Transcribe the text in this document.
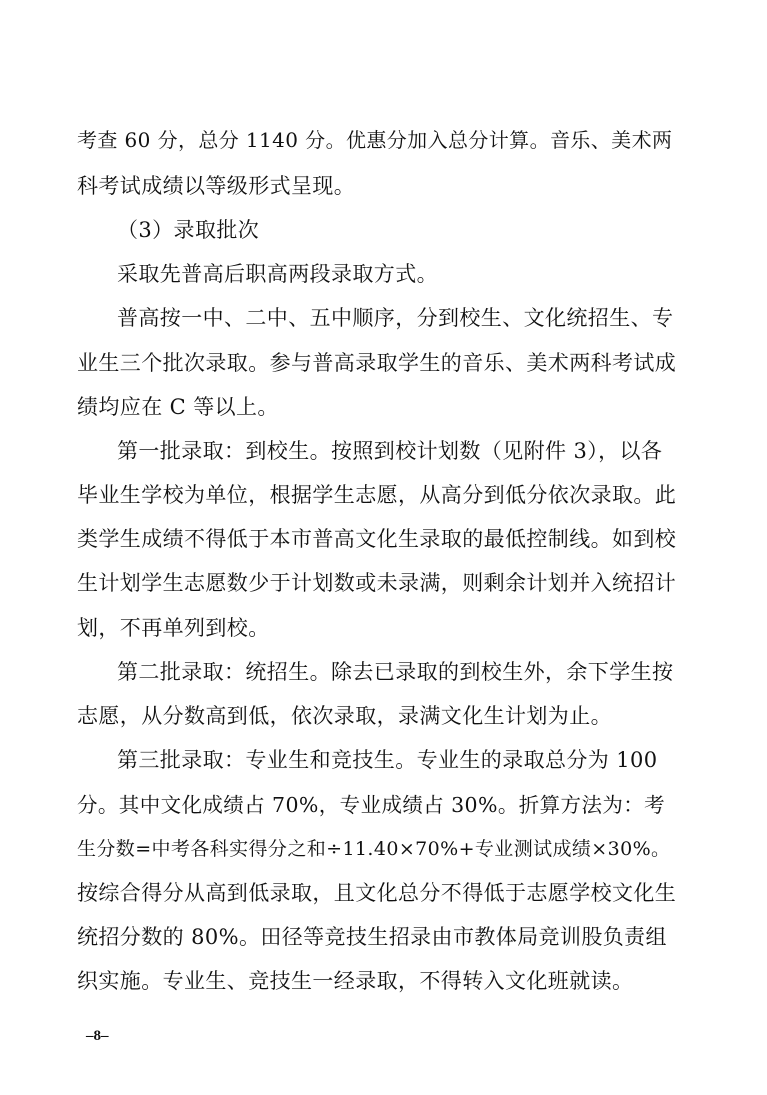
考查 60 分，总分 1140 分。优惠分加入总分计算。音乐、美术两
科考试成绩以等级形式呈现。
（3）录取批次
采取先普高后职高两段录取方式。
普高按一中、二中、五中顺序，分到校生、文化统招生、专
业生三个批次录取。参与普高录取学生的音乐、美术两科考试成
绩均应在 C 等以上。
第一批录取：到校生。按照到校计划数（见附件 3），以各
毕业生学校为单位，根据学生志愿，从高分到低分依次录取。此
类学生成绩不得低于本市普高文化生录取的最低控制线。如到校
生计划学生志愿数少于计划数或未录满，则剩余计划并入统招计
划，不再单列到校。
第二批录取：统招生。除去已录取的到校生外，余下学生按
志愿，从分数高到低，依次录取，录满文化生计划为止。
第三批录取：专业生和竞技生。专业生的录取总分为 100
分。其中文化成绩占 70%，专业成绩占 30%。折算方法为：考
生分数=中考各科实得分之和÷11.40×70%+专业测试成绩×30%。
按综合得分从高到低录取，且文化总分不得低于志愿学校文化生
统招分数的 80%。田径等竞技生招录由市教体局竞训股负责组
织实施。专业生、竞技生一经录取，不得转入文化班就读。
–8–
